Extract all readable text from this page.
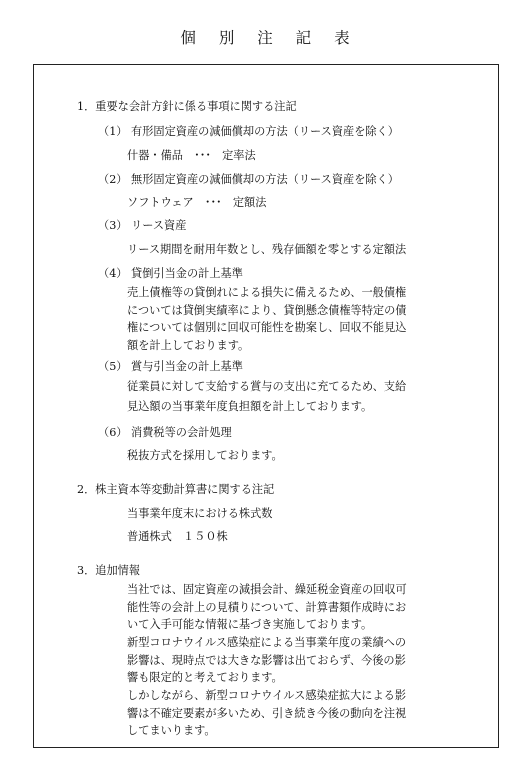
個 別 注 記 表
1．重要な会計方針に係る事項に関する注記
（1） 有形固定資産の減価償却の方法（リース資産を除く）
什器・備品　･･･　定率法
（2） 無形固定資産の減価償却の方法（リース資産を除く）
ソフトウェア　･･･　定額法
（3） リース資産
リース期間を耐用年数とし、残存価額を零とする定額法
（4） 貸倒引当金の計上基準
売上債権等の貸倒れによる損失に備えるため、一般債権については貸倒実績率により、貸倒懸念債権等特定の債権については個別に回収可能性を勘案し、回収不能見込額を計上しております。
（5） 賞与引当金の計上基準
従業員に対して支給する賞与の支出に充てるため、支給見込額の当事業年度負担額を計上しております。
（6） 消費税等の会計処理
税抜方式を採用しております。
2．株主資本等変動計算書に関する注記
当事業年度末における株式数
普通株式　１５０株
3．追加情報
当社では、固定資産の減損会計、繰延税金資産の回収可能性等の会計上の見積りについて、計算書類作成時において入手可能な情報に基づき実施しております。
新型コロナウイルス感染症による当事業年度の業績への影響は、現時点では大きな影響は出ておらず、今後の影響も限定的と考えております。
しかしながら、新型コロナウイルス感染症拡大による影響は不確定要素が多いため、引き続き今後の動向を注視してまいります。
